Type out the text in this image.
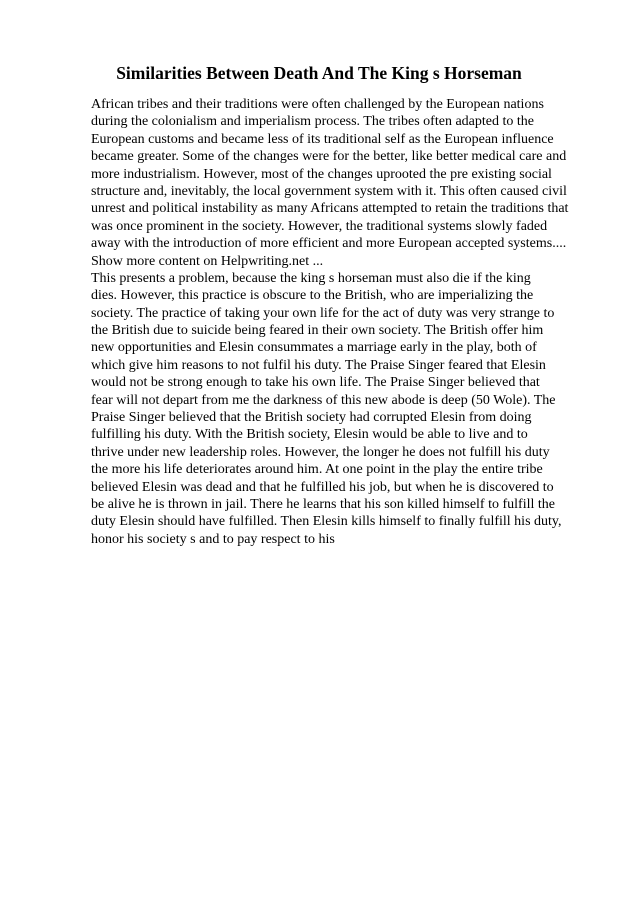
Similarities Between Death And The King s Horseman
African tribes and their traditions were often challenged by the European nations
during the colonialism and imperialism process. The tribes often adapted to the
European customs and became less of its traditional self as the European influence
became greater. Some of the changes were for the better, like better medical care and
more industrialism. However, most of the changes uprooted the pre existing social
structure and, inevitably, the local government system with it. This often caused civil
unrest and political instability as many Africans attempted to retain the traditions that
was once prominent in the society. However, the traditional systems slowly faded
away with the introduction of more efficient and more European accepted systems....
Show more content on Helpwriting.net ...
This presents a problem, because the king s horseman must also die if the king
dies. However, this practice is obscure to the British, who are imperializing the
society. The practice of taking your own life for the act of duty was very strange to
the British due to suicide being feared in their own society. The British offer him
new opportunities and Elesin consummates a marriage early in the play, both of
which give him reasons to not fulfil his duty. The Praise Singer feared that Elesin
would not be strong enough to take his own life. The Praise Singer believed that
fear will not depart from me the darkness of this new abode is deep (50 Wole). The
Praise Singer believed that the British society had corrupted Elesin from doing
fulfilling his duty. With the British society, Elesin would be able to live and to
thrive under new leadership roles. However, the longer he does not fulfill his duty
the more his life deteriorates around him. At one point in the play the entire tribe
believed Elesin was dead and that he fulfilled his job, but when he is discovered to
be alive he is thrown in jail. There he learns that his son killed himself to fulfill the
duty Elesin should have fulfilled. Then Elesin kills himself to finally fulfill his duty,
honor his society s and to pay respect to his
